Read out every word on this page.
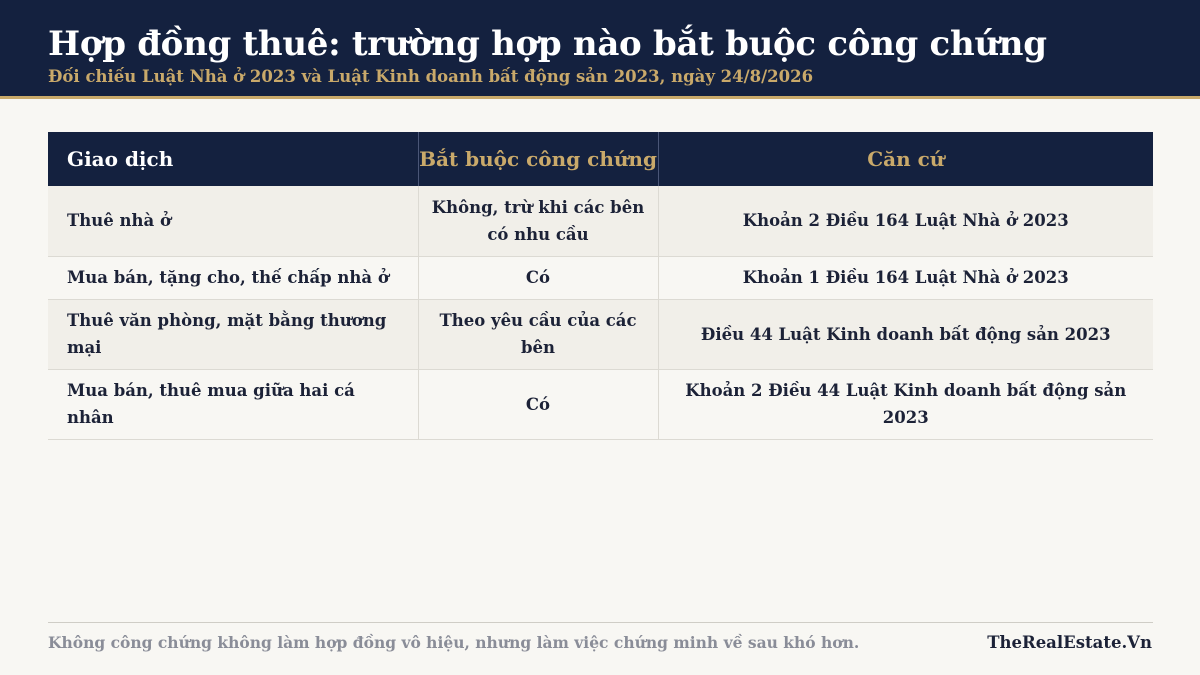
Hợp đồng thuê: trường hợp nào bắt buộc công chứng
Đối chiếu Luật Nhà ở 2023 và Luật Kinh doanh bất động sản 2023, ngày 24/8/2026
Giao dịch	Bắt buộc công chứng	Căn cứ
Thuê nhà ở	Không, trừ khi các bên có nhu cầu	Khoản 2 Điều 164 Luật Nhà ở 2023
Mua bán, tặng cho, thế chấp nhà ở	Có	Khoản 1 Điều 164 Luật Nhà ở 2023
Thuê văn phòng, mặt bằng thương mại	Theo yêu cầu của các bên	Điều 44 Luật Kinh doanh bất động sản 2023
Mua bán, thuê mua giữa hai cá nhân	Có	Khoản 2 Điều 44 Luật Kinh doanh bất động sản 2023
Không công chứng không làm hợp đồng vô hiệu, nhưng làm việc chứng minh về sau khó hơn.	TheRealEstate.Vn
